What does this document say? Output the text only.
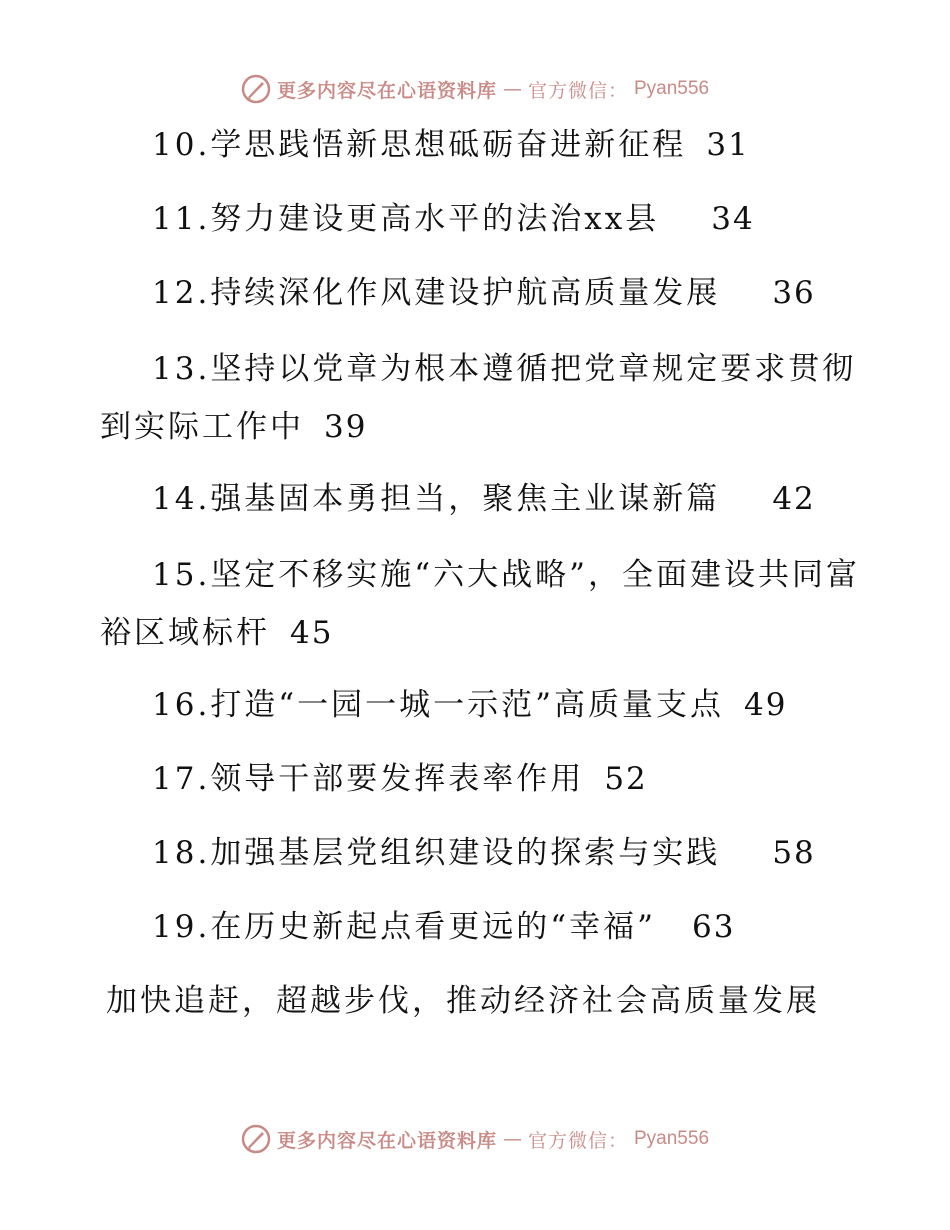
更多内容尽在心语资料库 — 官方微信： Pyan556
10.学思践悟新思想砥砺奋进新征程 31
11.努力建设更高水平的法治xx县 34
12.持续深化作风建设护航高质量发展 36
13.坚持以党章为根本遵循把党章规定要求贯彻到实际工作中 39
14.强基固本勇担当，聚焦主业谋新篇 42
15.坚定不移实施“六大战略”，全面建设共同富裕区域标杆 45
16.打造“一园一城一示范”高质量支点 49
17.领导干部要发挥表率作用 52
18.加强基层党组织建设的探索与实践 58
19.在历史新起点看更远的“幸福” 63
加快追赶，超越步伐，推动经济社会高质量发展
更多内容尽在心语资料库 — 官方微信： Pyan556
